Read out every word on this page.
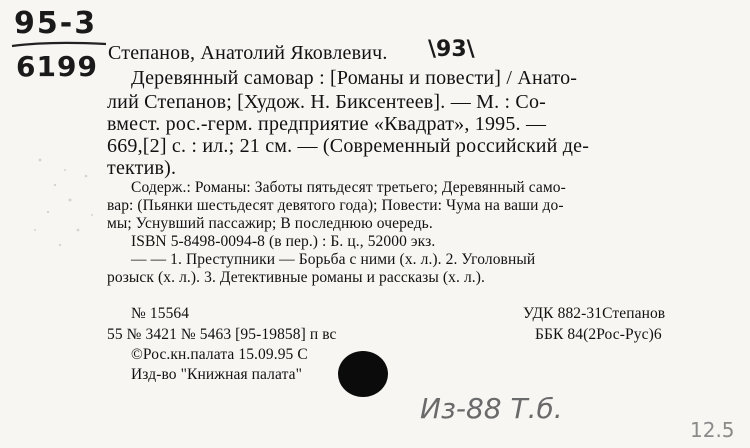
95-3
6199 Степанов, Анатолий Яковлевич. \93\
Деревянный самовар : [Романы и повести] / Анато-
лий Степанов; [Худож. Н. Биксентеев]. — М. : Со-
вмест. рос.-герм. предприятие «Квадрат», 1995. —
669,[2] с. : ил.; 21 см. — (Современный российский де-
тектив).
Содерж.: Романы: Заботы пятьдесят третьего; Деревянный само-
вар: (Пьянки шестьдесят девятого года); Повести: Чума на ваши до-
мы; Уснувший пассажир; В последнюю очередь.
ISBN 5-8498-0094-8 (в пер.) : Б. ц., 52000 экз.
— — 1. Преступники — Борьба с ними (х. л.). 2. Уголовный
розыск (х. л.). 3. Детективные романы и рассказы (х. л.).
№ 15564	УДК 882-31Степанов
55 № 3421 № 5463 [95-19858] п вс	ББК 84(2Рос-Рус)6
©Рос.кн.палата 15.09.95 С
Изд-во "Книжная палата"
Из-88 Т.б.
12.5
